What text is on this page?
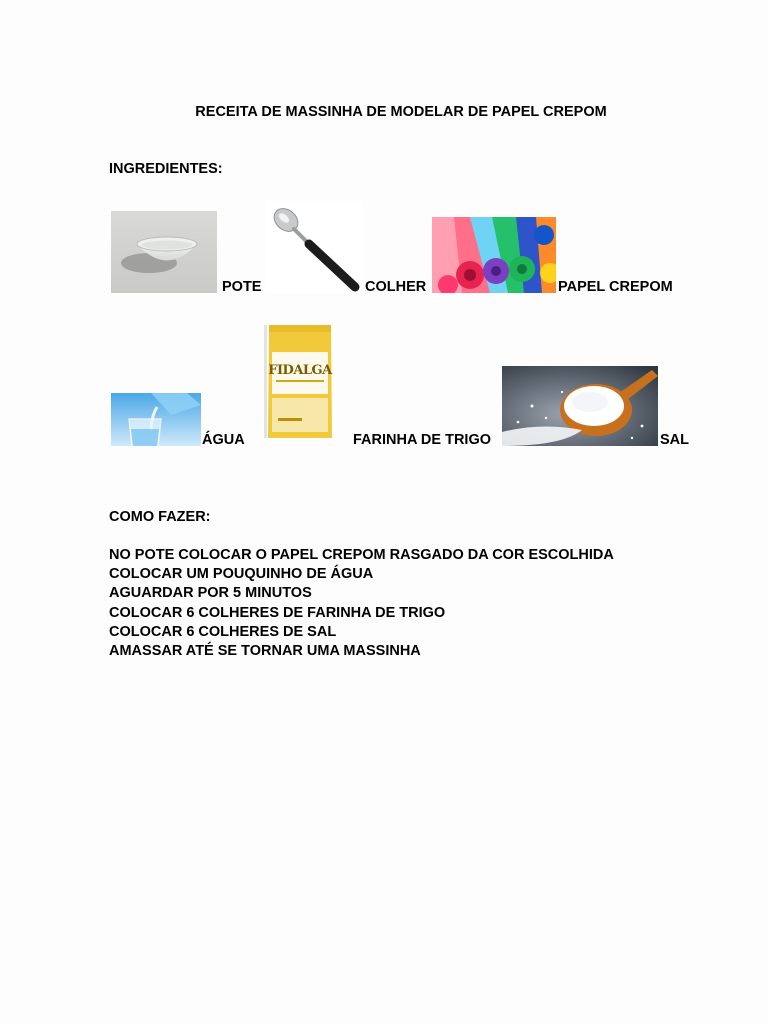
RECEITA DE MASSINHA DE MODELAR DE PAPEL CREPOM
INGREDIENTES:
POTE	COLHER	PAPEL CREPOM
FIDALGA
ÁGUA	FARINHA DE TRIGO	SAL
COMO FAZER:
NO POTE COLOCAR O PAPEL CREPOM RASGADO DA COR ESCOLHIDA
COLOCAR UM POUQUINHO DE ÁGUA
AGUARDAR POR 5 MINUTOS
COLOCAR 6 COLHERES DE FARINHA DE TRIGO
COLOCAR 6 COLHERES DE SAL
AMASSAR ATÉ SE TORNAR UMA MASSINHA
